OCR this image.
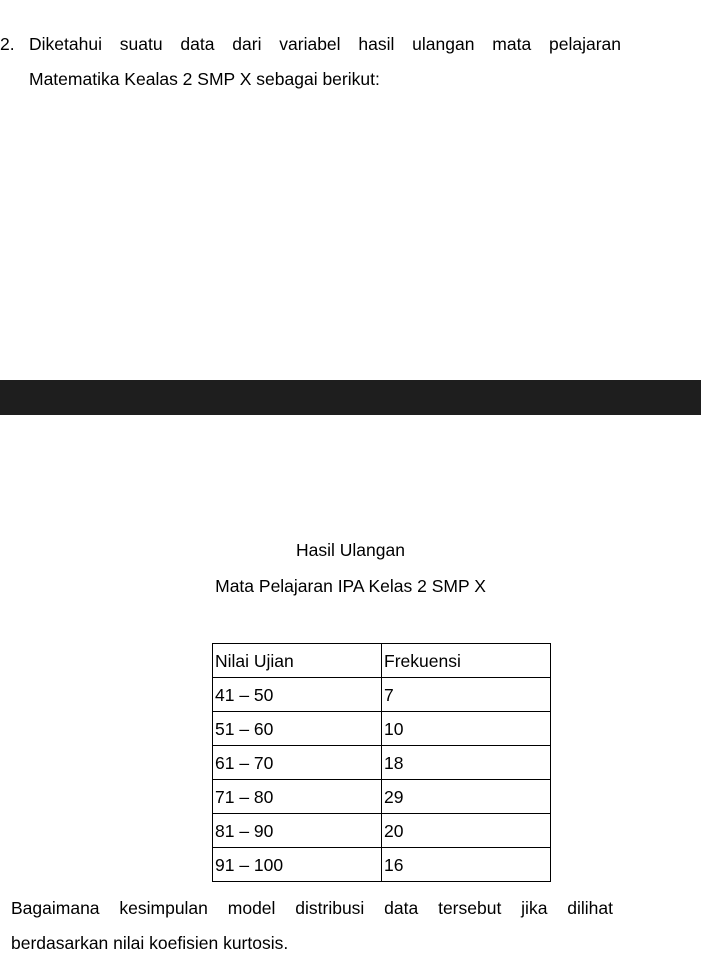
2. Diketahui suatu data dari variabel hasil ulangan mata pelajaran
Matematika Kealas 2 SMP X sebagai berikut:
Hasil Ulangan
Mata Pelajaran IPA Kelas 2 SMP X
Nilai Ujian	Frekuensi
41 – 50	7
51 – 60	10
61 – 70	18
71 – 80	29
81 – 90	20
91 – 100	16
Bagaimana kesimpulan model distribusi data tersebut jika dilihat
berdasarkan nilai koefisien kurtosis.
